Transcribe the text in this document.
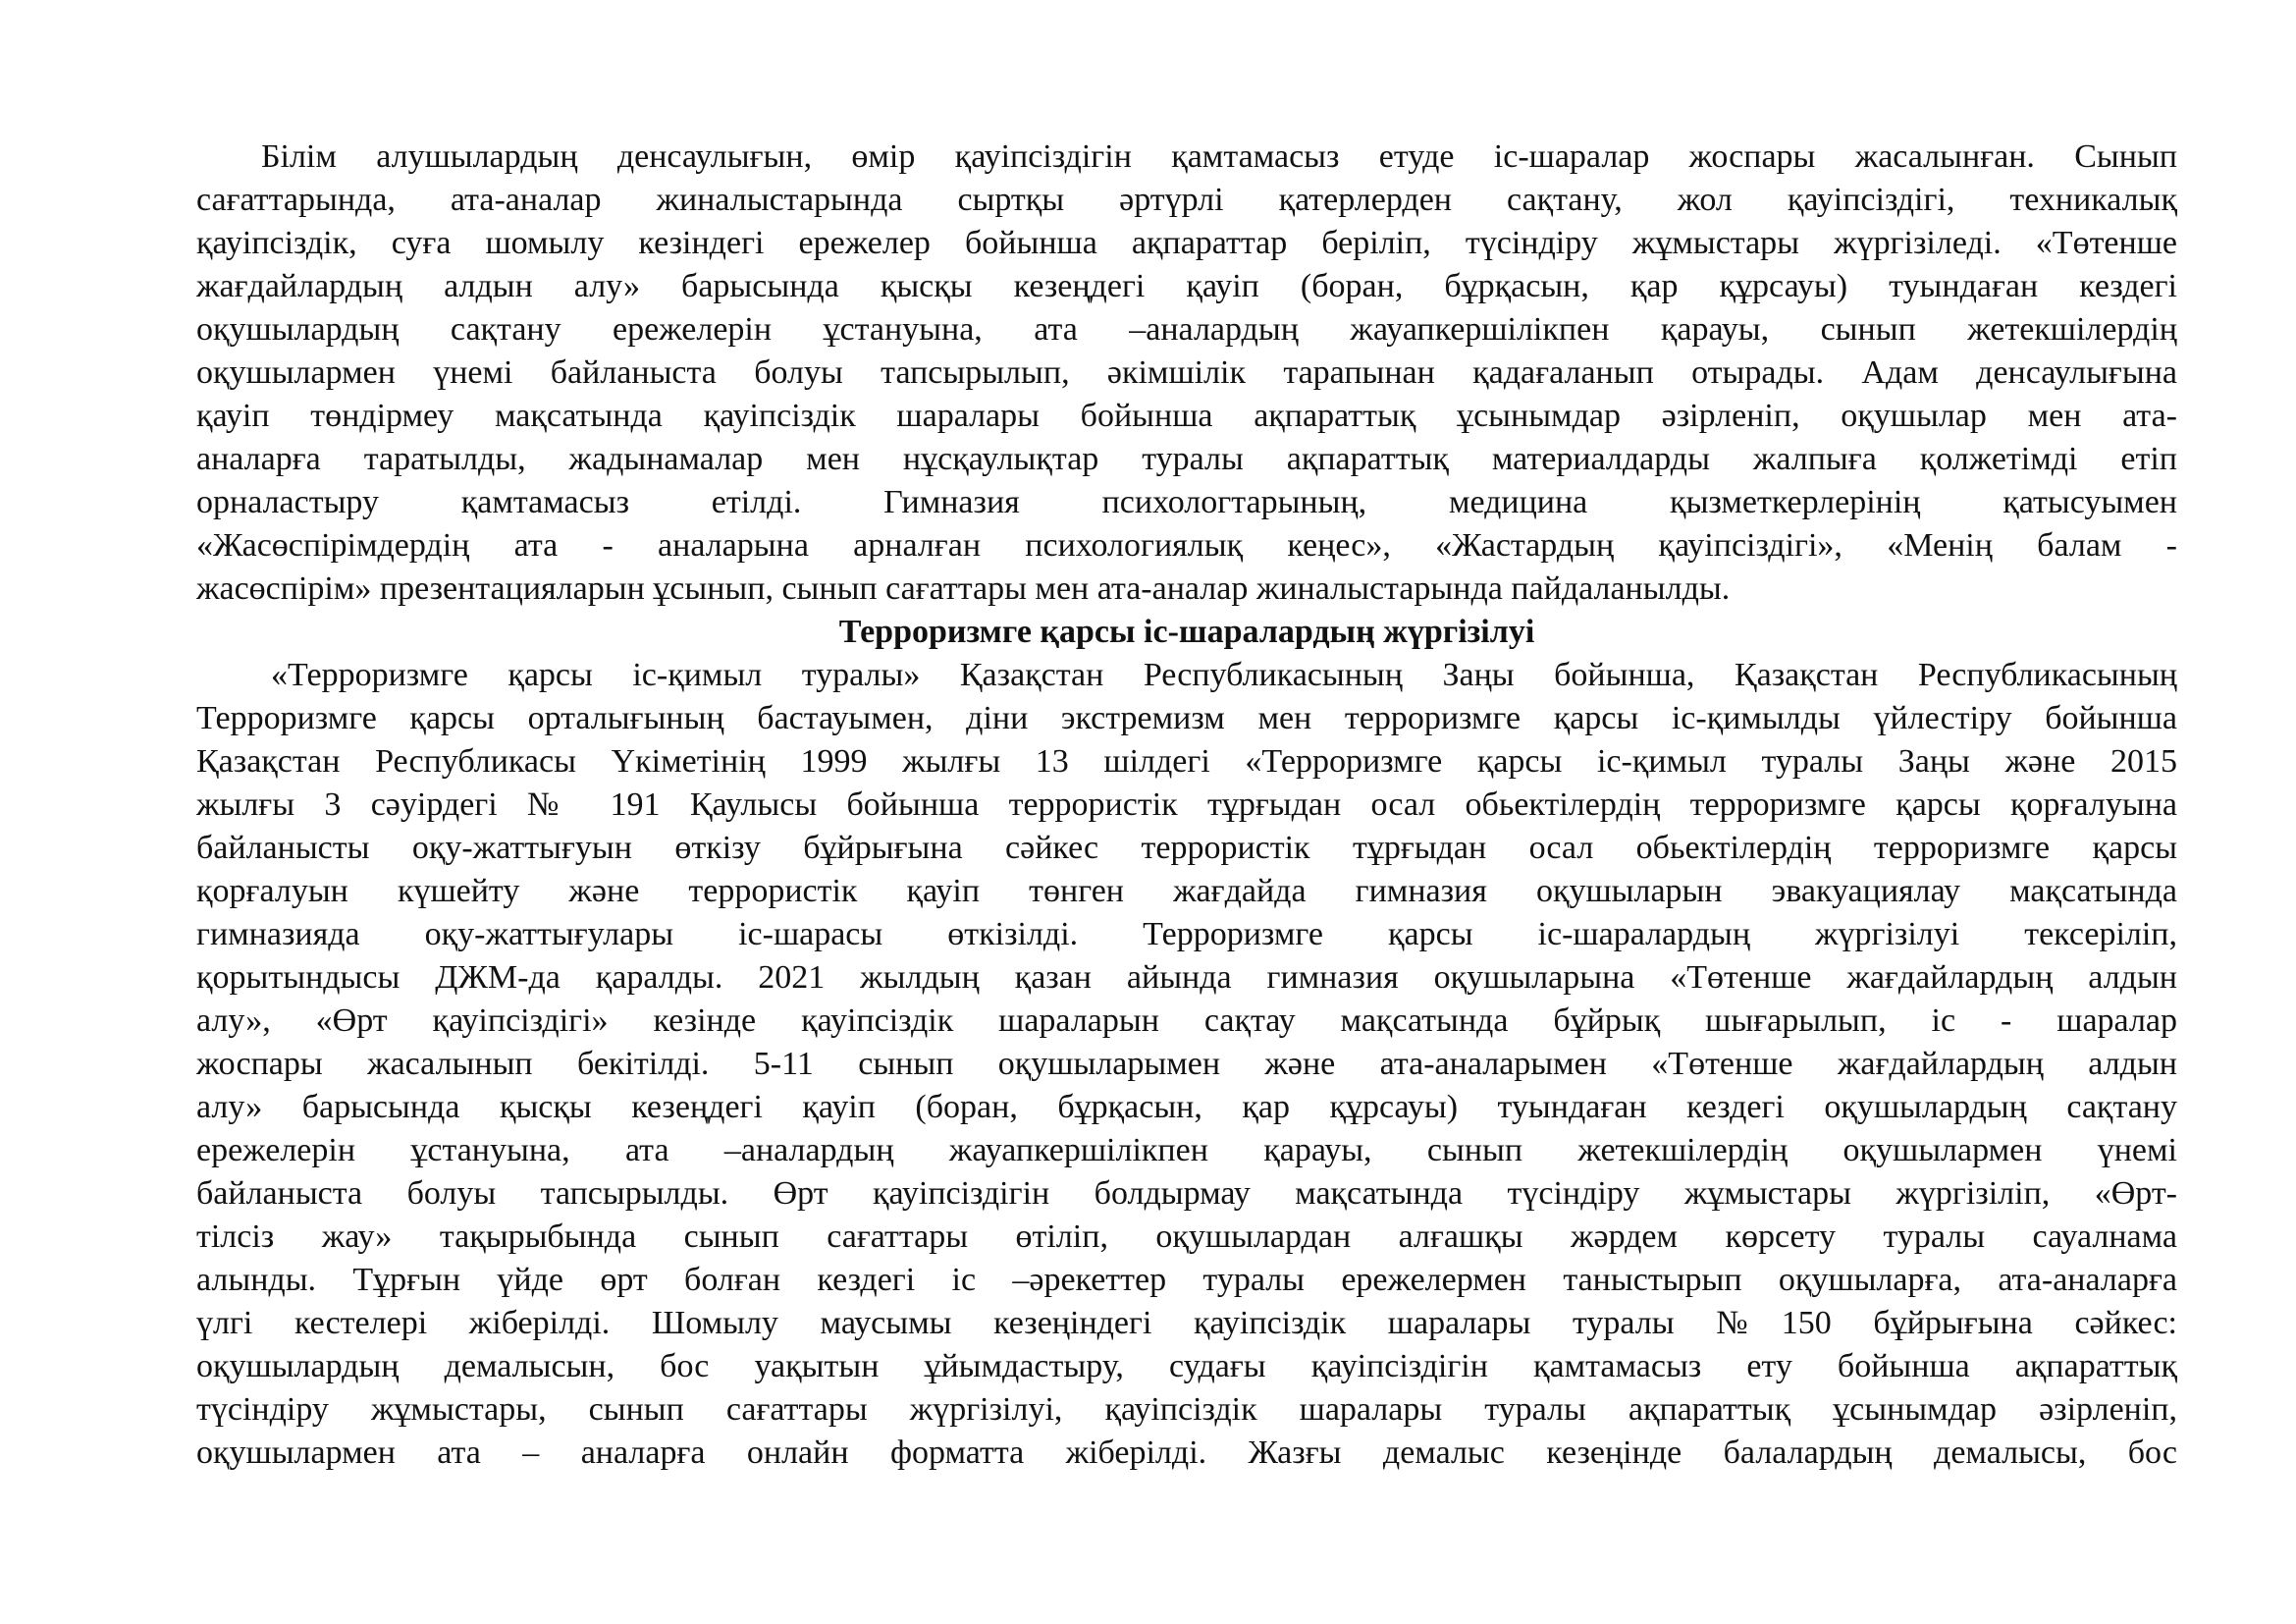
Білім алушылардың денсаулығын, өмір қауіпсіздігін қамтамасыз етуде іс-шаралар жоспары жасалынған. Сынып
сағаттарында, ата-аналар жиналыстарында сыртқы әртүрлі қатерлерден сақтану, жол қауіпсіздігі, техникалық
қауіпсіздік, суға шомылу кезіндегі ережелер бойынша ақпараттар беріліп, түсіндіру жұмыстары жүргізіледі. «Төтенше
жағдайлардың алдын алу» барысында қысқы кезеңдегі қауіп (боран, бұрқасын, қар құрсауы) туындаған кездегі
оқушылардың сақтану ережелерін ұстануына, ата –аналардың жауапкершілікпен қарауы, сынып жетекшілердің
оқушылармен үнемі байланыста болуы тапсырылып, әкімшілік тарапынан қадағаланып отырады. Адам денсаулығына
қауіп төндірмеу мақсатында қауіпсіздік шаралары бойынша ақпараттық ұсынымдар әзірленіп, оқушылар мен ата-
аналарға таратылды, жадынамалар мен нұсқаулықтар туралы ақпараттық материалдарды жалпыға қолжетімді етіп
орналастыру қамтамасыз етілді. Гимназия психологтарының, медицина қызметкерлерінің қатысуымен
«Жасөспірімдердің ата - аналарына арналған психологиялық кеңес», «Жастардың қауіпсіздігі», «Менің балам -
жасөспірім» презентацияларын ұсынып, сынып сағаттары мен ата-аналар жиналыстарында пайдаланылды.
Терроризмге қарсы іс-шаралардың жүргізілуі
«Терроризмге қарсы іс-қимыл туралы» Қазақстан Республикасының Заңы бойынша, Қазақстан Республикасының
Терроризмге қарсы орталығының бастауымен, діни экстремизм мен терроризмге қарсы іс-қимылды үйлестіру бойынша
Қазақстан Республикасы Үкіметінің 1999 жылғы 13 шілдегі «Терроризмге қарсы іс-қимыл туралы Заңы және 2015
жылғы 3 сәуірдегі № 191 Қаулысы бойынша террористік тұрғыдан осал обьектілердің терроризмге қарсы қорғалуына
байланысты оқу-жаттығуын өткізу бұйрығына сәйкес террористік тұрғыдан осал обьектілердің терроризмге қарсы
қорғалуын күшейту және террористік қауіп төнген жағдайда гимназия оқушыларын эвакуациялау мақсатында
гимназияда оқу-жаттығулары іс-шарасы өткізілді. Терроризмге қарсы іс-шаралардың жүргізілуі тексеріліп,
қорытындысы ДЖМ-да қаралды. 2021 жылдың қазан айында гимназия оқушыларына «Төтенше жағдайлардың алдын
алу», «Өрт қауіпсіздігі» кезінде қауіпсіздік шараларын сақтау мақсатында бұйрық шығарылып, іс - шаралар
жоспары жасалынып бекітілді. 5-11 сынып оқушыларымен және ата-аналарымен «Төтенше жағдайлардың алдын
алу» барысында қысқы кезеңдегі қауіп (боран, бұрқасын, қар құрсауы) туындаған кездегі оқушылардың сақтану
ережелерін ұстануына, ата –аналардың жауапкершілікпен қарауы, сынып жетекшілердің оқушылармен үнемі
байланыста болуы тапсырылды. Өрт қауіпсіздігін болдырмау мақсатында түсіндіру жұмыстары жүргізіліп, «Өрт-
тілсіз жау» тақырыбында сынып сағаттары өтіліп, оқушылардан алғашқы жәрдем көрсету туралы сауалнама
алынды. Тұрғын үйде өрт болған кездегі іс –әрекеттер туралы ережелермен таныстырып оқушыларға, ата-аналарға
үлгі кестелері жіберілді. Шомылу маусымы кезеңіндегі қауіпсіздік шаралары туралы №150 бұйрығына сәйкес:
оқушылардың демалысын, бос уақытын ұйымдастыру, судағы қауіпсіздігін қамтамасыз ету бойынша ақпараттық
түсіндіру жұмыстары, сынып сағаттары жүргізілуі, қауіпсіздік шаралары туралы ақпараттық ұсынымдар әзірленіп,
оқушылармен ата – аналарға онлайн форматта жіберілді. Жазғы демалыс кезеңінде балалардың демалысы, бос
